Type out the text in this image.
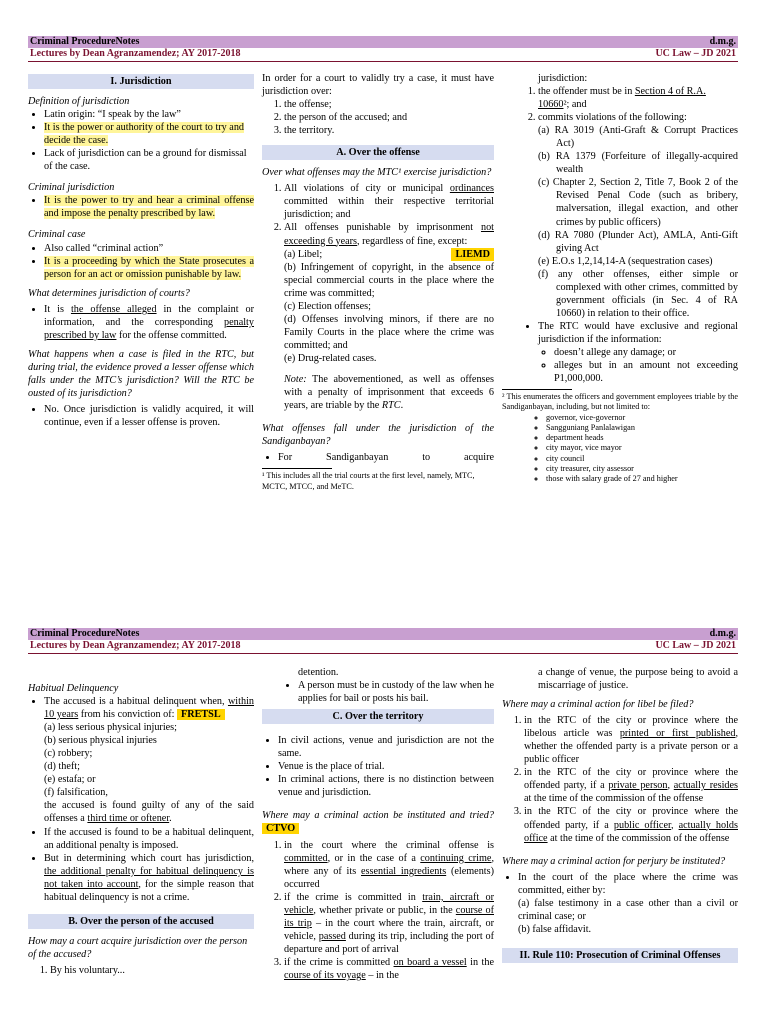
Criminal ProcedureNotes	d.m.g.
Lectures by Dean Agranzamendez; AY 2017-2018	UC Law – JD 2021
I. Jurisdiction

Definition of jurisdiction

• Latin origin: “I speak by the law”
• It is the power or authority of the court to try and decide the case.
• Lack of jurisdiction can be a ground for dismissal of the case.

Criminal jurisdiction

• It is the power to try and hear a criminal offense and impose the penalty prescribed by law.

Criminal case

• Also called “criminal action”
• It is a proceeding by which the State prosecutes a person for an act or omission punishable by law.

What determines jurisdiction of courts?

• It is the offense alleged in the complaint or information, and the corresponding penalty prescribed by law for the offense committed.

What happens when a case is filed in the RTC, but during trial, the evidence proved a lesser offense which falls under the MTC’s jurisdiction? Will the RTC be ousted of its jurisdiction?

• No. Once jurisdiction is validly acquired, it will continue, even if a lesser offense is proven.

In order for a court to validly try a case, it must have jurisdiction over:

1. the offense;
2. the person of the accused; and
3. the territory.
A. Over the offense

Over what offenses may the MTC¹ exercise jurisdiction?

1. All violations of city or municipal ordinances committed within their respective territorial jurisdiction; and
2. All offenses punishable by imprisonment not exceeding 6 years, regardless of fine, except:
LIEMD

(a) Libel;

(b) Infringement of copyright, in the absence of special commercial courts in the place where the crime was committed;

(c) Election offenses;

(d) Offenses involving minors, if there are no Family Courts in the place where the crime was committed; and

(e) Drug-related cases.

Note: The abovementioned, as well as offenses with a penalty of imprisonment that exceeds 6 years, are triable by the RTC.

What offenses fall under the jurisdiction of the Sandiganbayan?

• For Sandiganbayan to acquire

¹ This includes all the trial courts at the first level, namely, MTC, MCTC, MTCC, and MeTC.

jurisdiction:

1. the offender must be in Section 4 of R.A. 10660²; and
2. commits violations of the following:

(a) RA 3019 (Anti-Graft & Corrupt Practices Act)

(b) RA 1379 (Forfeiture of illegally-acquired wealth

(c) Chapter 2, Section 2, Title 7, Book 2 of the Revised Penal Code (such as bribery, malversation, illegal exaction, and other crimes by public officers)

(d) RA 7080 (Plunder Act), AMLA, Anti-Gift giving Act

(e) E.O.s 1,2,14,14-A (sequestration cases)

(f) any other offenses, either simple or complexed with other crimes, committed by government officials (in Sec. 4 of RA 10660) in relation to their office.

• The RTC would have exclusive and regional jurisdiction if the information:
◦ doesn’t allege any damage; or
◦ alleges but in an amount not exceeding P1,000,000.

² This enumerates the officers and government employees triable by the Sandiganbayan, including, but not limited to:

◦ governor, vice-governor
◦ Sangguniang Panlalawigan
◦ department heads
◦ city mayor, vice mayor
◦ city council
◦ city treasurer, city assessor
◦ those with salary grade of 27 and higher
Criminal ProcedureNotes	d.m.g.
Lectures by Dean Agranzamendez; AY 2017-2018	UC Law – JD 2021

Habitual Delinquency

• The accused is a habitual delinquent when, within 10 years from his conviction of: FRETSL

(a) less serious physical injuries;

(b) serious physical injuries

(c) robbery;

(d) theft;

(e) estafa; or

(f) falsification,

the accused is found guilty of any of the said offenses a third time or oftener.
• If the accused is found to be a habitual delinquent, an additional penalty is imposed.
• But in determining which court has jurisdiction, the additional penalty for habitual delinquency is not taken into account, for the simple reason that habitual delinquency is not a crime.
B. Over the person of the accused

How may a court acquire jurisdiction over the person of the accused?

1. By his voluntary...

detention.

• A person must be in custody of the law when he applies for bail or posts his bail.
C. Over the territory
• In civil actions, venue and jurisdiction are not the same.
• Venue is the place of trial.
• In criminal actions, there is no distinction between venue and jurisdiction.

Where may a criminal action be instituted and tried? CTVO

1. in the court where the criminal offense is committed, or in the case of a continuing crime, where any of its essential ingredients (elements) occurred
2. if the crime is committed in train, aircraft or vehicle, whether private or public, in the course of its trip – in the court where the train, aircraft, or vehicle, passed during its trip, including the port of departure and port of arrival
3. if the crime is committed on board a vessel in the course of its voyage – in the

a change of venue, the purpose being to avoid a miscarriage of justice.

Where may a criminal action for libel be filed?

1. in the RTC of the city or province where the libelous article was printed or first published, whether the offended party is a private person or a public officer
2. in the RTC of the city or province where the offended party, if a private person, actually resides at the time of the commission of the offense
3. in the RTC of the city or province where the offended party, if a public officer, actually holds office at the time of the commission of the offense

Where may a criminal action for perjury be instituted?

• In the court of the place where the crime was committed, either by:

(a) false testimony in a case other than a civil or criminal case; or

(b) false affidavit.

II. Rule 110: Prosecution of Criminal Offenses
